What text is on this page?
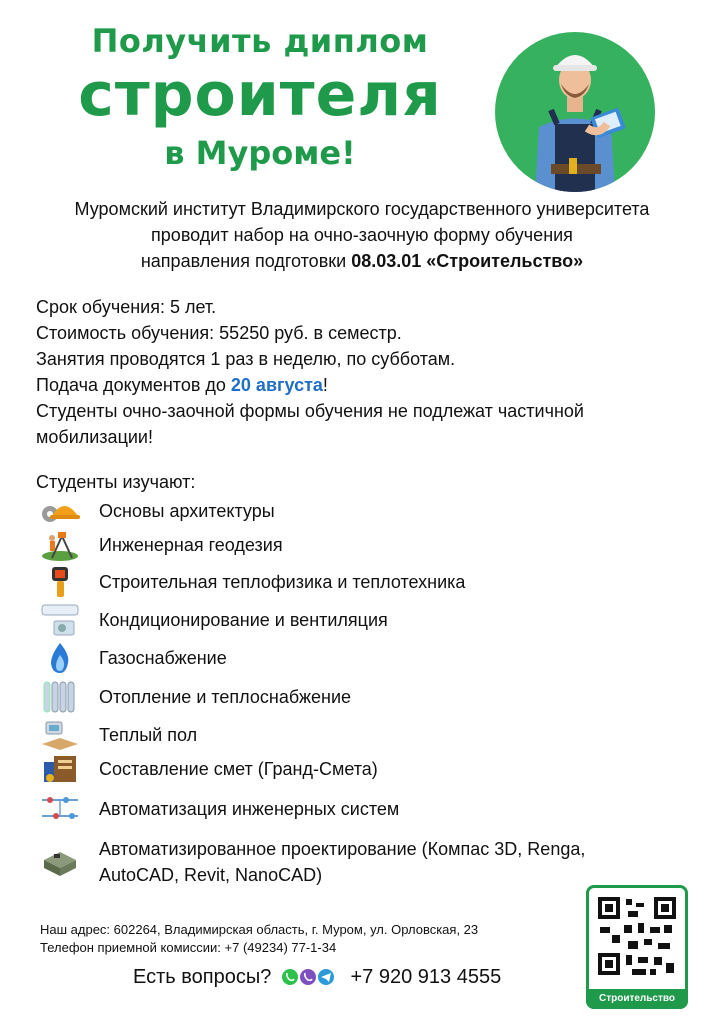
Получить диплом
строителя
в Муроме!
Муромский институт Владимирского государственного университета
проводит набор на очно-заочную форму обучения
направления подготовки 08.03.01 «Строительство»

Срок обучения: 5 лет.

Стоимость обучения: 55250 руб. в семестр.

Занятия проводятся 1 раз в неделю, по субботам.

Подача документов до 20 августа!

Студенты очно-заочной формы обучения не подлежат частичной

мобилизации!

Студенты изучают:
Основы архитектуры
Инженерная геодезия
Строительная теплофизика и теплотехника
Кондиционирование и вентиляция
Газоснабжение
Отопление и теплоснабжение
Теплый пол
Составление смет (Гранд-Смета)
Автоматизация инженерных систем
Автоматизированное проектирование (Компас 3D, Renga,
AutoCAD, Revit, NanoCAD)
Наш адрес: 602264, Владимирская область, г. Муром, ул. Орловская, 23
Телефон приемной комиссии: +7 (49234) 77-1-34
Есть вопросы?	+7 920 913 4555
Строительство
